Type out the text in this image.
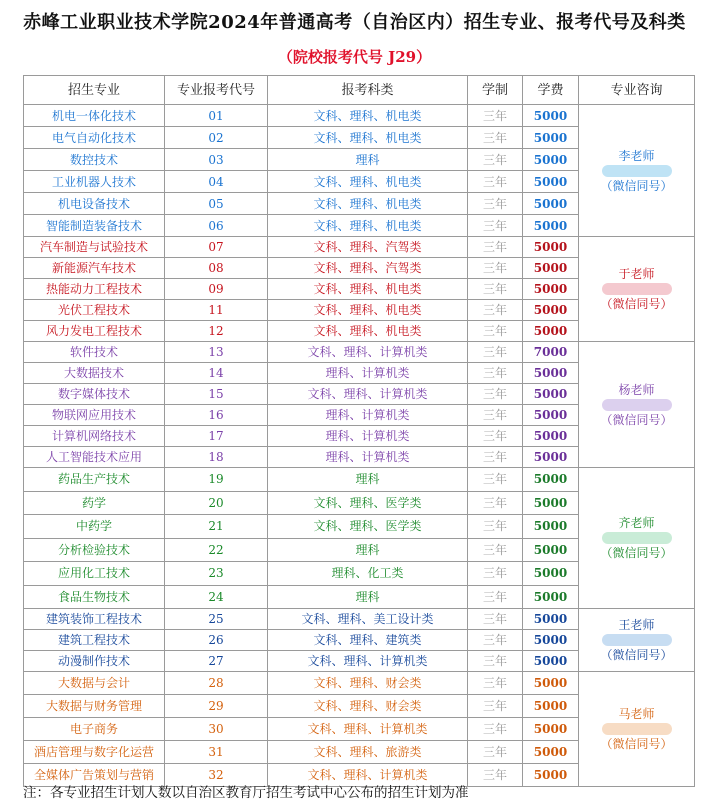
赤峰工业职业技术学院2024年普通高考（自治区内）招生专业、报考代号及科类
（院校报考代号 J29）
招生专业	专业报考代号	报考科类	学制	学费	专业咨询
机电一体化技术	01	文科、理科、机电类	三年	5000	李老师
（微信同号）

电气自动化技术	02	文科、理科、机电类	三年	5000	
数控技术	03	理科	三年	5000	
工业机器人技术	04	文科、理科、机电类	三年	5000	
机电设备技术	05	文科、理科、机电类	三年	5000	
智能制造装备技术	06	文科、理科、机电类	三年	5000	
汽车制造与试验技术	07	文科、理科、汽驾类	三年	5000	于老师
（微信同号）

新能源汽车技术	08	文科、理科、汽驾类	三年	5000	
热能动力工程技术	09	文科、理科、机电类	三年	5000	
光伏工程技术	11	文科、理科、机电类	三年	5000	
风力发电工程技术	12	文科、理科、机电类	三年	5000	
软件技术	13	文科、理科、计算机类	三年	7000	杨老师
（微信同号）

大数据技术	14	理科、计算机类	三年	5000	
数字媒体技术	15	文科、理科、计算机类	三年	5000	
物联网应用技术	16	理科、计算机类	三年	5000	
计算机网络技术	17	理科、计算机类	三年	5000	
人工智能技术应用	18	理科、计算机类	三年	5000	
药品生产技术	19	理科	三年	5000	齐老师
（微信同号）

药学	20	文科、理科、医学类	三年	5000	
中药学	21	文科、理科、医学类	三年	5000	
分析检验技术	22	理科	三年	5000	
应用化工技术	23	理科、化工类	三年	5000	
食品生物技术	24	理科	三年	5000	
建筑装饰工程技术	25	文科、理科、美工设计类	三年	5000	王老师
（微信同号）

建筑工程技术	26	文科、理科、建筑类	三年	5000	
动漫制作技术	27	文科、理科、计算机类	三年	5000	
大数据与会计	28	文科、理科、财会类	三年	5000	马老师
（微信同号）

大数据与财务管理	29	文科、理科、财会类	三年	5000	
电子商务	30	文科、理科、计算机类	三年	5000	
酒店管理与数字化运营	31	文科、理科、旅游类	三年	5000	
全媒体广告策划与营销	32	文科、理科、计算机类	三年	5000	
注：各专业招生计划人数以自治区教育厅招生考试中心公布的招生计划为准
